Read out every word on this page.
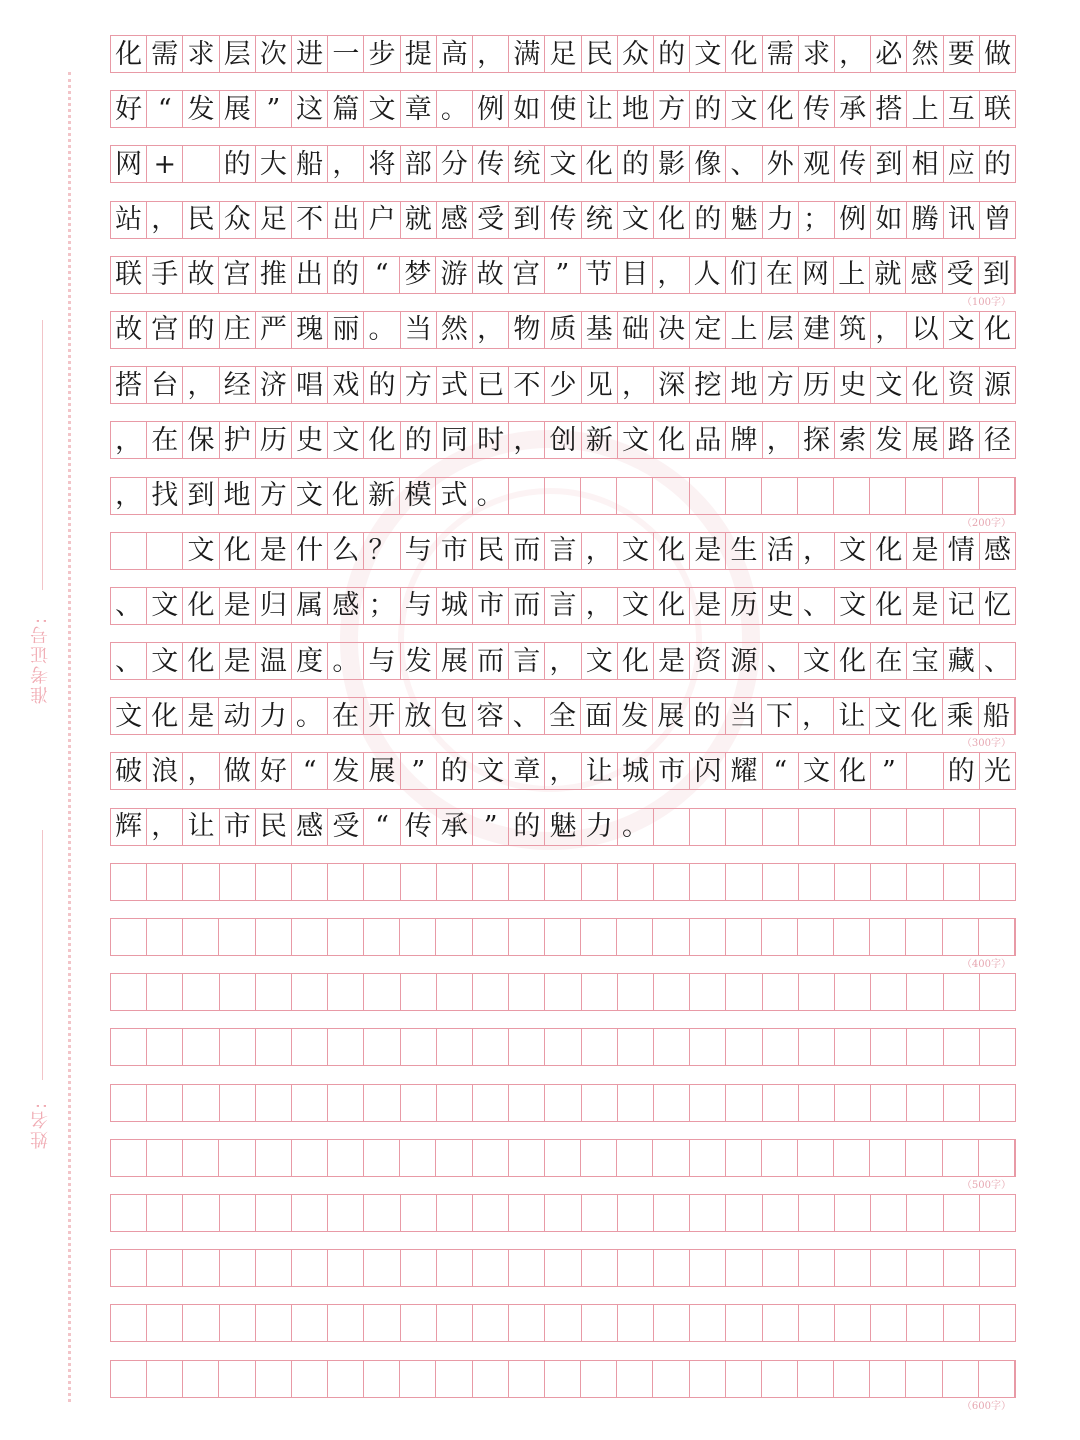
准考证号:
姓名:
化 需 求 层 次 进 一 步 提 高 ， 满 足 民 众 的 文 化 需 求 ， 必 然 要 做
好 “ 发 展 ” 这 篇 文 章 。 例 如 使 让 地 方 的 文 化 传 承 搭 上 互 联
网 + 的 大 船 ， 将 部 分 传 统 文 化 的 影 像 、 外 观 传 到 相 应 的
站 ， 民 众 足 不 出 户 就 感 受 到 传 统 文 化 的 魅 力 ； 例 如 腾 讯 曾
联 手 故 宫 推 出 的 “ 梦 游 故 宫 ” 节 目 ， 人 们 在 网 上 就 感 受 到
（100字）
故 宫 的 庄 严 瑰 丽 。 当 然 ， 物 质 基 础 决 定 上 层 建 筑 ， 以 文 化
搭 台 ， 经 济 唱 戏 的 方 式 已 不 少 见 ， 深 挖 地 方 历 史 文 化 资 源
， 在 保 护 历 史 文 化 的 同 时 ， 创 新 文 化 品 牌 ， 探 索 发 展 路 径
， 找 到 地 方 文 化 新 模 式 。
（200字）
文 化 是 什 么 ？ 与 市 民 而 言 ， 文 化 是 生 活 ， 文 化 是 情 感
、 文 化 是 归 属 感 ； 与 城 市 而 言 ， 文 化 是 历 史 、 文 化 是 记 忆
、 文 化 是 温 度 。 与 发 展 而 言 ， 文 化 是 资 源 、 文 化 在 宝 藏 、
文 化 是 动 力 。 在 开 放 包 容 、 全 面 发 展 的 当 下 ， 让 文 化 乘 船
（300字）
破 浪 ， 做 好 “ 发 展 ” 的 文 章 ， 让 城 市 闪 耀 “ 文 化 ”	的 光
辉 ， 让 市 民 感 受 “ 传 承 ” 的 魅 力 。
（400字）
（500字）
（600字）
